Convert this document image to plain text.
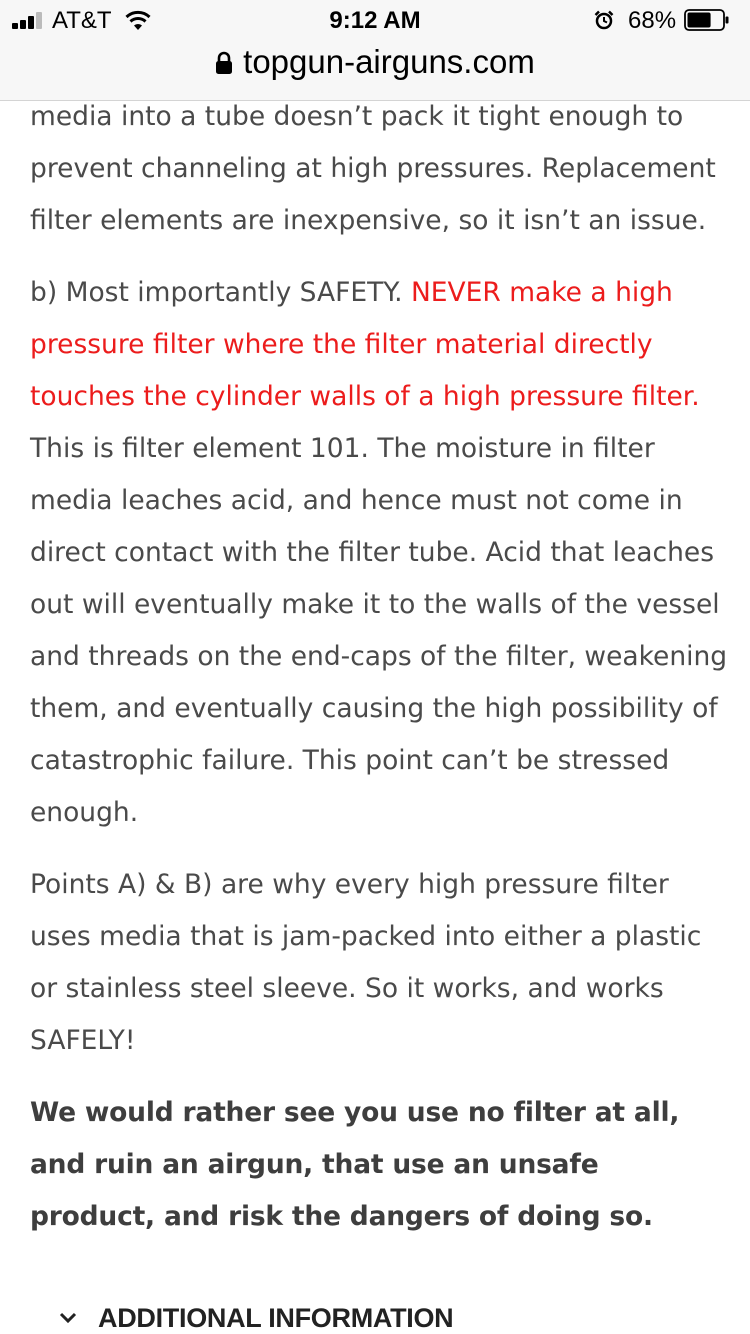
AT&T	9:12 AM	68%
topgun-airguns.com

media into a tube doesn’t pack it tight enough to prevent channeling at high pressures. Replacement filter elements are inexpensive, so it isn’t an issue.

b) Most importantly SAFETY. NEVER make a high pressure filter where the filter material directly touches the cylinder walls of a high pressure filter. This is filter element 101. The moisture in filter media leaches acid, and hence must not come in direct contact with the filter tube. Acid that leaches out will eventually make it to the walls of the vessel and threads on the end-caps of the filter, weakening them, and eventually causing the high possibility of catastrophic failure. This point can’t be stressed enough.

Points A) & B) are why every high pressure filter uses media that is jam-packed into either a plastic or stainless steel sleeve. So it works, and works SAFELY!

We would rather see you use no filter at all, and ruin an airgun, that use an unsafe product, and risk the dangers of doing so.

ADDITIONAL INFORMATION
